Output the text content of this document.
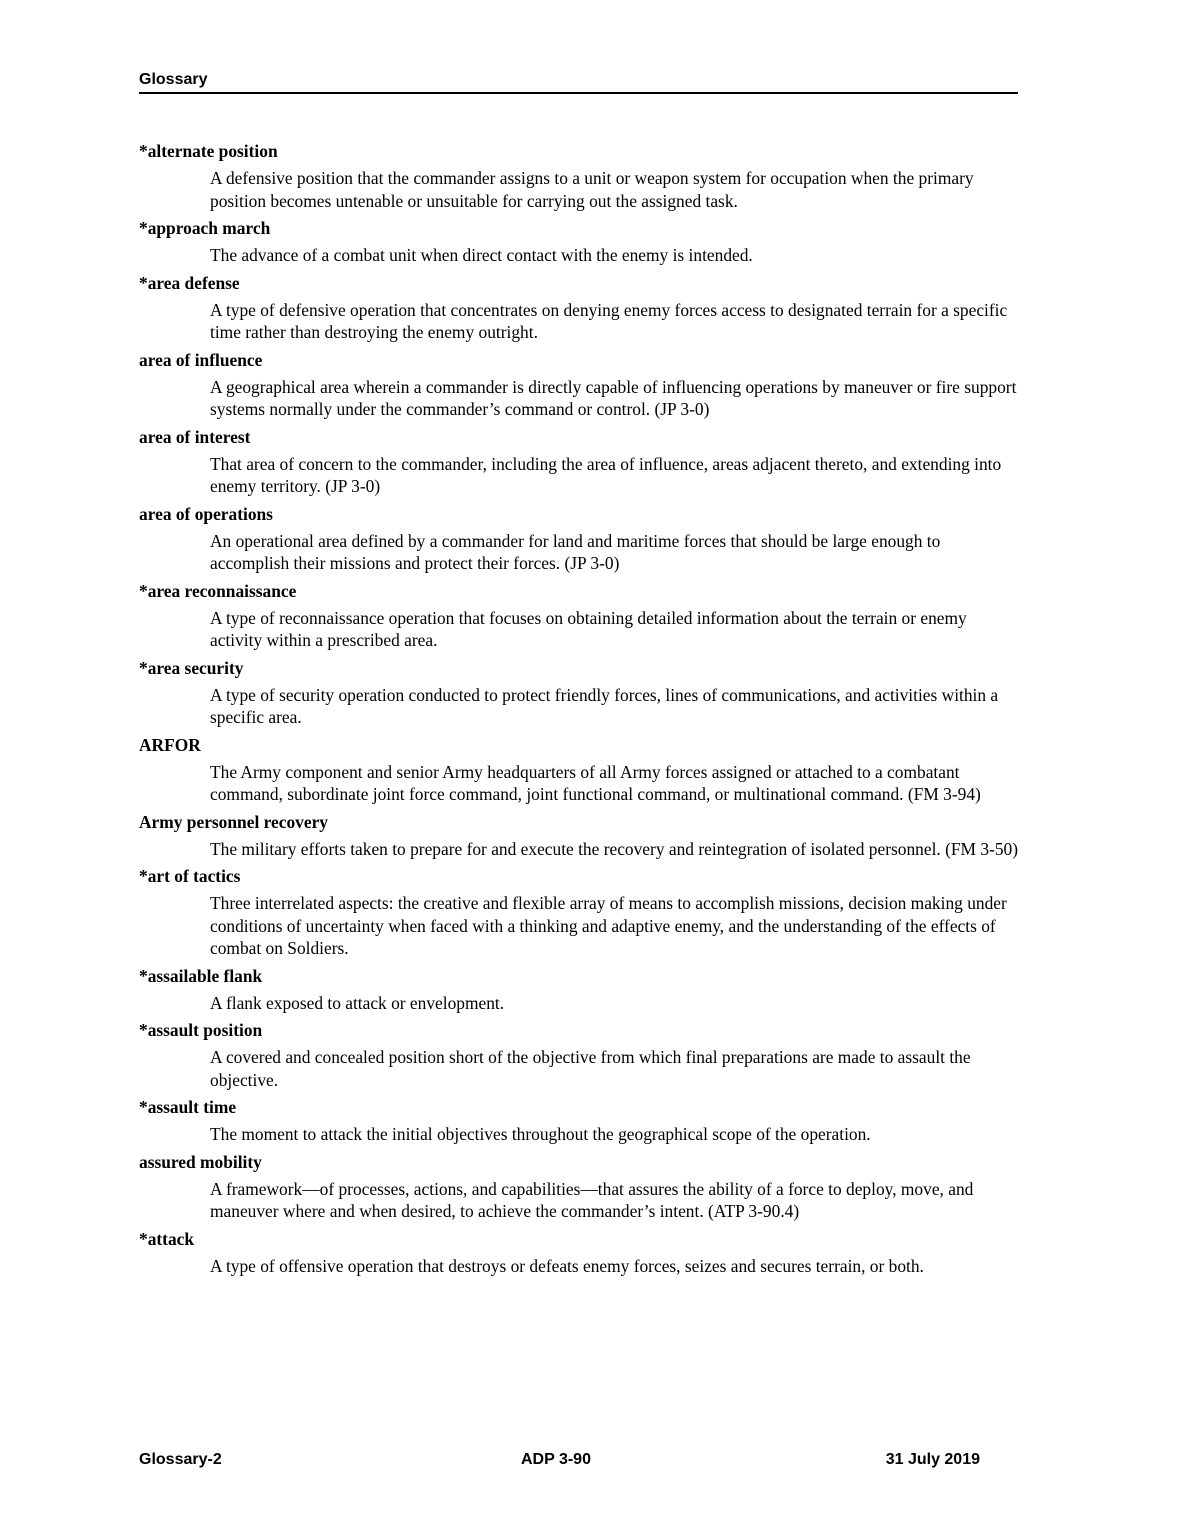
Glossary
*alternate position
A defensive position that the commander assigns to a unit or weapon system for occupation when the primary position becomes untenable or unsuitable for carrying out the assigned task.
*approach march
The advance of a combat unit when direct contact with the enemy is intended.
*area defense
A type of defensive operation that concentrates on denying enemy forces access to designated terrain for a specific time rather than destroying the enemy outright.
area of influence
A geographical area wherein a commander is directly capable of influencing operations by maneuver or fire support systems normally under the commander’s command or control. (JP 3-0)
area of interest
That area of concern to the commander, including the area of influence, areas adjacent thereto, and extending into enemy territory. (JP 3-0)
area of operations
An operational area defined by a commander for land and maritime forces that should be large enough to accomplish their missions and protect their forces. (JP 3-0)
*area reconnaissance
A type of reconnaissance operation that focuses on obtaining detailed information about the terrain or enemy activity within a prescribed area.
*area security
A type of security operation conducted to protect friendly forces, lines of communications, and activities within a specific area.
ARFOR
The Army component and senior Army headquarters of all Army forces assigned or attached to a combatant command, subordinate joint force command, joint functional command, or multinational command. (FM 3-94)
Army personnel recovery
The military efforts taken to prepare for and execute the recovery and reintegration of isolated personnel. (FM 3-50)
*art of tactics
Three interrelated aspects: the creative and flexible array of means to accomplish missions, decision making under conditions of uncertainty when faced with a thinking and adaptive enemy, and the understanding of the effects of combat on Soldiers.
*assailable flank
A flank exposed to attack or envelopment.
*assault position
A covered and concealed position short of the objective from which final preparations are made to assault the objective.
*assault time
The moment to attack the initial objectives throughout the geographical scope of the operation.
assured mobility
A framework—of processes, actions, and capabilities—that assures the ability of a force to deploy, move, and maneuver where and when desired, to achieve the commander’s intent. (ATP 3-90.4)
*attack
A type of offensive operation that destroys or defeats enemy forces, seizes and secures terrain, or both.
Glossary-2	ADP 3-90	31 July 2019
